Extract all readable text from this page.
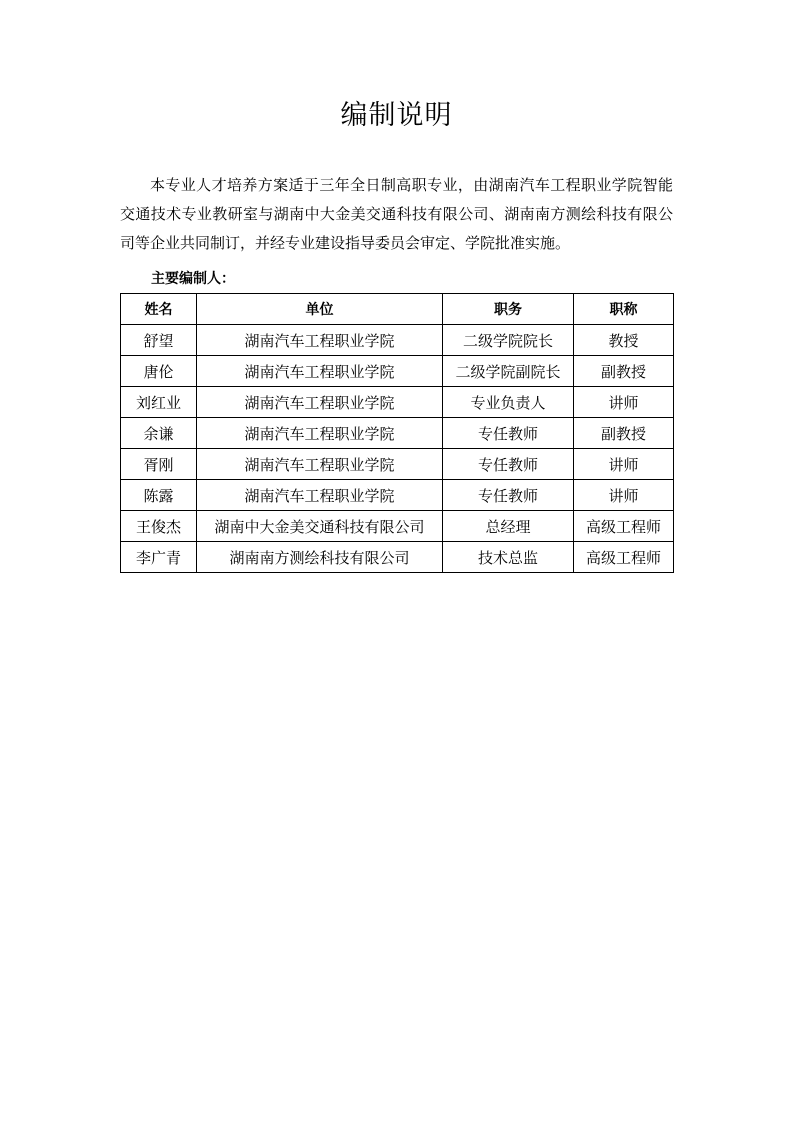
编制说明

本专业人才培养方案适于三年全日制高职专业，由湖南汽车工程职业学院智能交通技术专业教研室与湖南中大金美交通科技有限公司、湖南南方测绘科技有限公司等企业共同制订，并经专业建设指导委员会审定、学院批准实施。

主要编制人：
姓名	单位	职务	职称
舒望	湖南汽车工程职业学院	二级学院院长	教授
唐伦	湖南汽车工程职业学院	二级学院副院长	副教授
刘红业	湖南汽车工程职业学院	专业负责人	讲师
余谦	湖南汽车工程职业学院	专任教师	副教授
胥刚	湖南汽车工程职业学院	专任教师	讲师
陈露	湖南汽车工程职业学院	专任教师	讲师
王俊杰	湖南中大金美交通科技有限公司	总经理	高级工程师
李广青	湖南南方测绘科技有限公司	技术总监	高级工程师
